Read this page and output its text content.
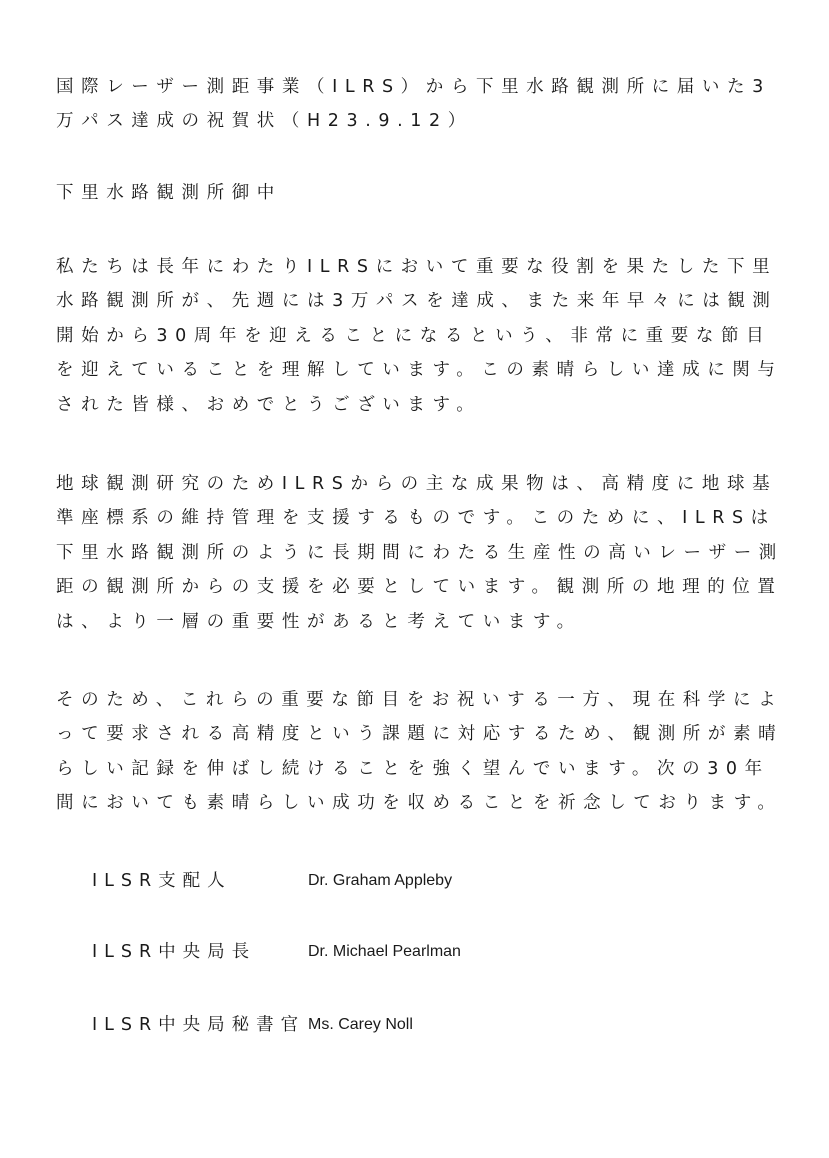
国際レーザー測距事業（ILRS）から下里水路観測所に届いた3万パス達成の祝賀状（H23.9.12）

下里水路観測所御中

私たちは長年にわたりILRSにおいて重要な役割を果たした下里水路観測所が、先週には3万パスを達成、また来年早々には観測開始から30周年を迎えることになるという、非常に重要な節目を迎えていることを理解しています。この素晴らしい達成に関与された皆様、おめでとうございます。

地球観測研究のためILRSからの主な成果物は、高精度に地球基準座標系の維持管理を支援するものです。このために、ILRSは下里水路観測所のように長期間にわたる生産性の高いレーザー測距の観測所からの支援を必要としています。観測所の地理的位置は、より一層の重要性があると考えています。

そのため、これらの重要な節目をお祝いする一方、現在科学によって要求される高精度という課題に対応するため、観測所が素晴らしい記録を伸ばし続けることを強く望んでいます。次の30年間においても素晴らしい成功を収めることを祈念しております。

ILSR支配人	Dr. Graham Appleby
ILSR中央局長	Dr. Michael Pearlman
ILSR中央局秘書官 Ms. Carey Noll
